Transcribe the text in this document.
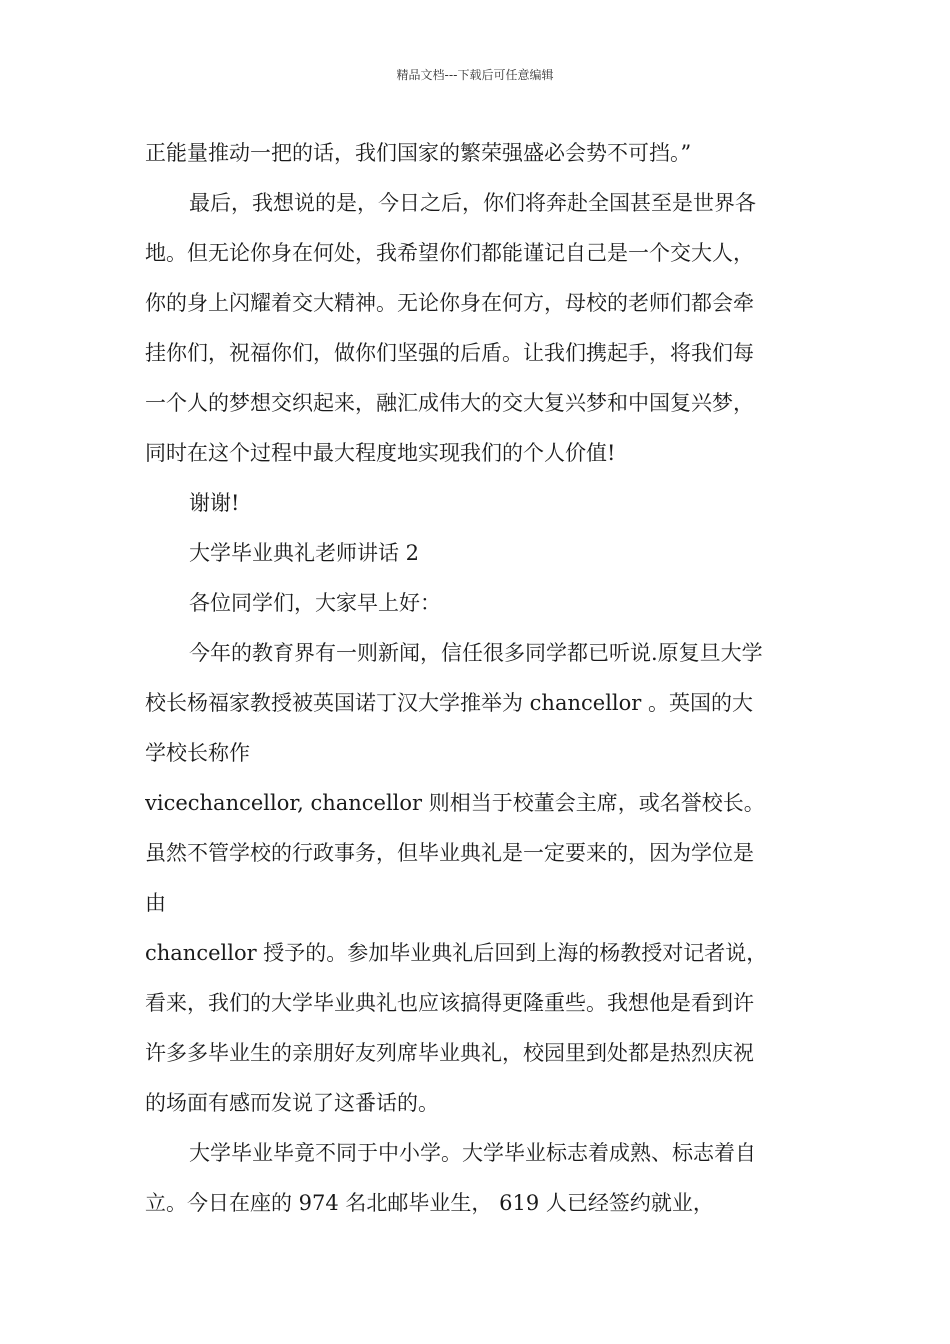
精品文档---下载后可任意编辑
正能量推动一把的话，我们国家的繁荣强盛必会势不可挡。”
最后，我想说的是，今日之后，你们将奔赴全国甚至是世界各
地。但无论你身在何处，我希望你们都能谨记自己是一个交大人，
你的身上闪耀着交大精神。无论你身在何方，母校的老师们都会牵
挂你们，祝福你们，做你们坚强的后盾。让我们携起手，将我们每
一个人的梦想交织起来，融汇成伟大的交大复兴梦和中国复兴梦，
同时在这个过程中最大程度地实现我们的个人价值!
谢谢!
大学毕业典礼老师讲话 2
各位同学们，大家早上好：
今年的教育界有一则新闻，信任很多同学都已听说.原复旦大学
校长杨福家教授被英国诺丁汉大学推举为 chancellor 。英国的大
学校长称作
vicechancellor, chancellor 则相当于校董会主席，或名誉校长。
虽然不管学校的行政事务，但毕业典礼是一定要来的，因为学位是
由
chancellor 授予的。参加毕业典礼后回到上海的杨教授对记者说，
看来，我们的大学毕业典礼也应该搞得更隆重些。我想他是看到许
许多多毕业生的亲朋好友列席毕业典礼，校园里到处都是热烈庆祝
的场面有感而发说了这番话的。
大学毕业毕竟不同于中小学。大学毕业标志着成熟、标志着自
立。今日在座的 974 名北邮毕业生， 619 人已经签约就业，
